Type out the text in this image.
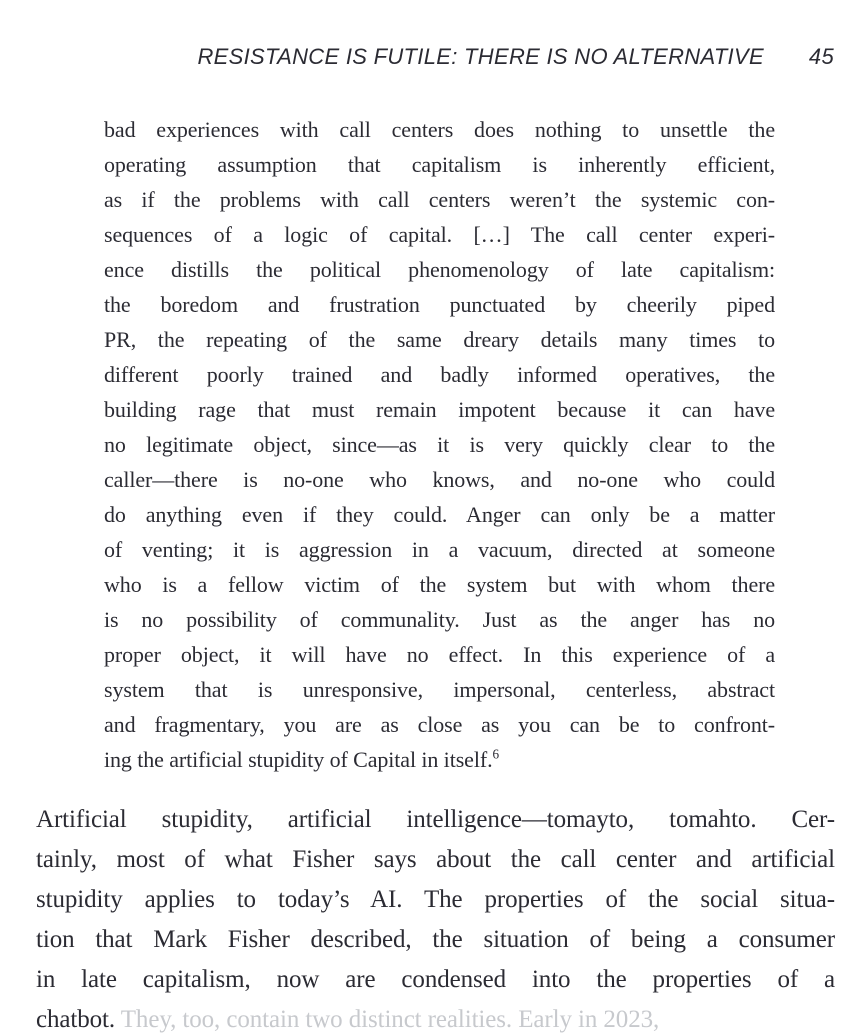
RESISTANCE IS FUTILE: THERE IS NO ALTERNATIVE 45
bad experiences with call centers does nothing to unsettle the
operating assumption that capitalism is inherently efficient,
as if the problems with call centers weren’t the systemic con-
sequences of a logic of capital. […] The call center experi-
ence distills the political phenomenology of late capitalism:
the boredom and frustration punctuated by cheerily piped
PR, the repeating of the same dreary details many times to
different poorly trained and badly informed operatives, the
building rage that must remain impotent because it can have
no legitimate object, since—as it is very quickly clear to the
caller—there is no-one who knows, and no-one who could
do anything even if they could. Anger can only be a matter
of venting; it is aggression in a vacuum, directed at someone
who is a fellow victim of the system but with whom there
is no possibility of communality. Just as the anger has no
proper object, it will have no effect. In this experience of a
system that is unresponsive, impersonal, centerless, abstract
and fragmentary, you are as close as you can be to confront-
ing the artificial stupidity of Capital in itself.$^6$
Artificial stupidity, artificial intelligence—tomayto, tomahto. Cer-
tainly, most of what Fisher says about the call center and artificial
stupidity applies to today’s AI. The properties of the social situa-
tion that Mark Fisher described, the situation of being a consumer
in late capitalism, now are condensed into the properties of a
chatbot. They, too, contain two distinct realities. Early in 2023,
